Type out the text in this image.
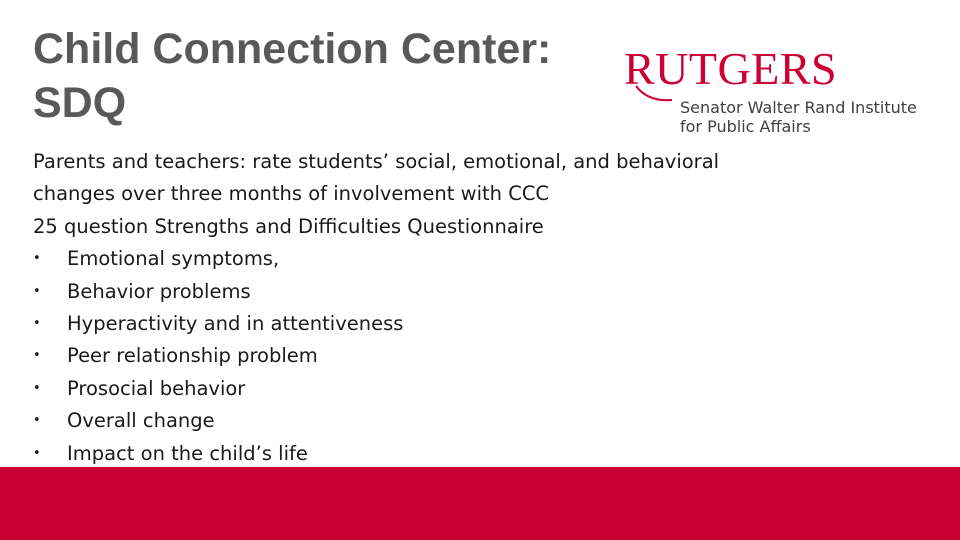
Child Connection Center:
SDQ
RUTGERS
Senator Walter Rand Institute
for Public Affairs
Parents and teachers: rate students’ social, emotional, and behavioral
changes over three months of involvement with CCC
25 question Strengths and Difficulties Questionnaire
• Emotional symptoms,
• Behavior problems
• Hyperactivity and in attentiveness
• Peer relationship problem
• Prosocial behavior
• Overall change
• Impact on the child’s life
